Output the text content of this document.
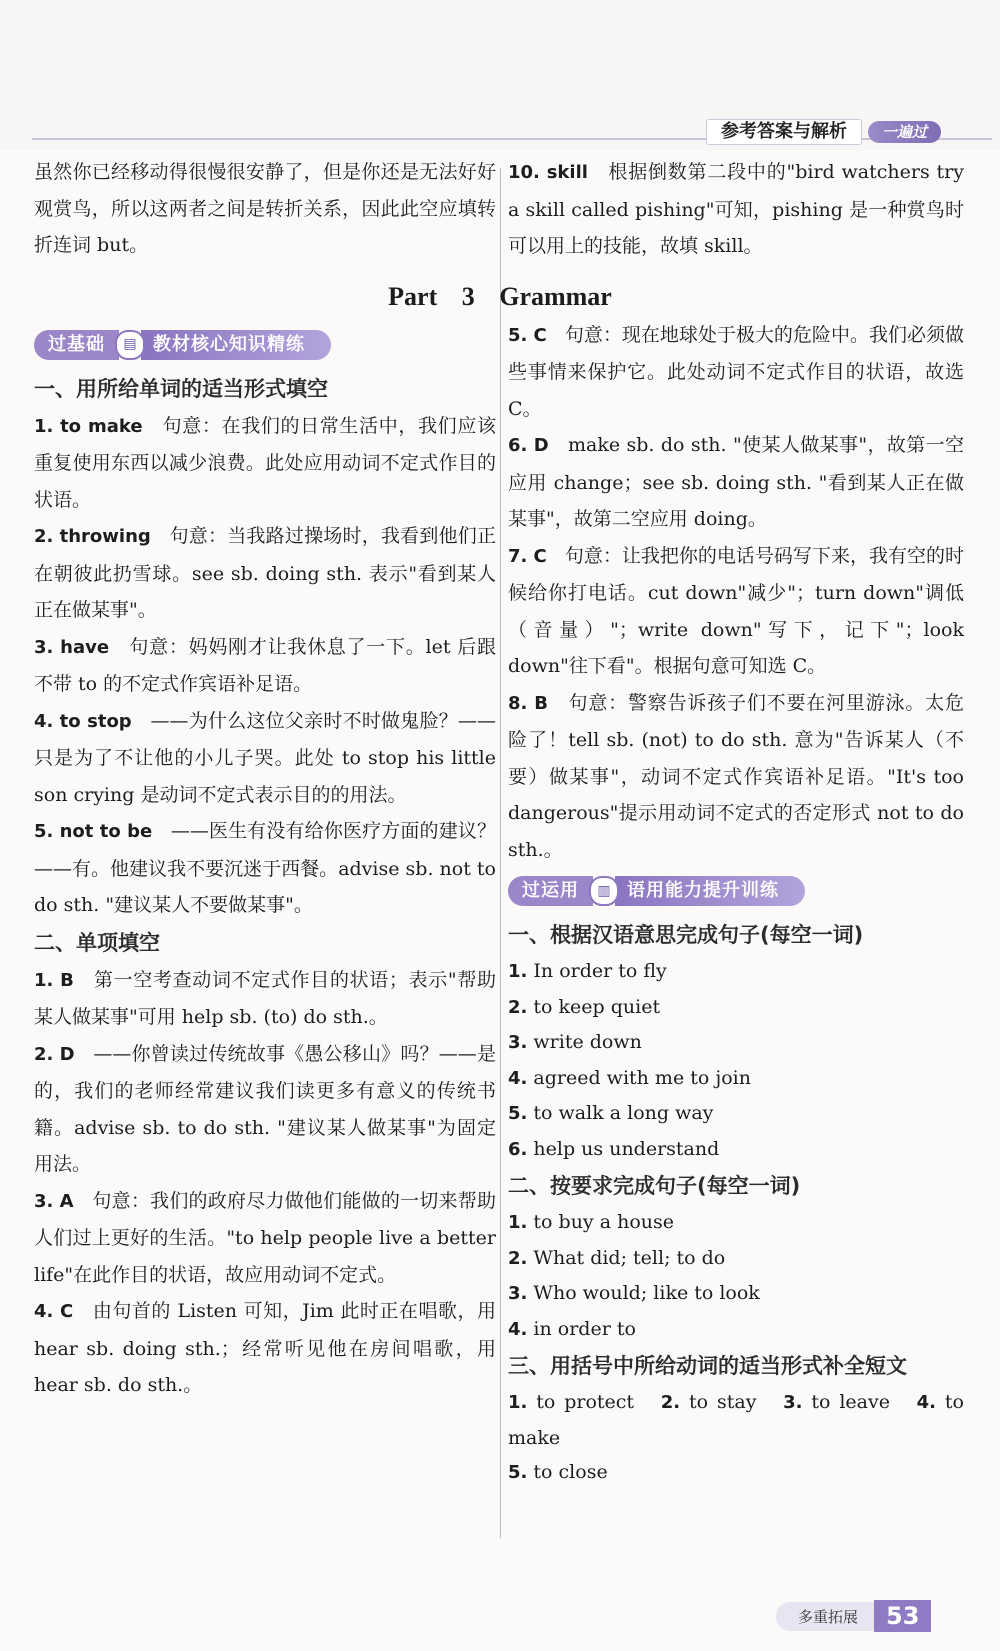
参考答案与解析	一遍过
Part 3 Grammar

虽然你已经移动得很慢很安静了，但是你还是无法好好观赏鸟，所以这两者之间是转折关系，因此此空应填转折连词 but。

过基础	▤ 教材核心知识精练

一、用所给单词的适当形式填空

1. to make 句意：在我们的日常生活中，我们应该重复使用东西以减少浪费。此处应用动词不定式作目的状语。

2. throwing 句意：当我路过操场时，我看到他们正在朝彼此扔雪球。see sb. doing sth. 表示"看到某人正在做某事"。

3. have 句意：妈妈刚才让我休息了一下。let 后跟不带 to 的不定式作宾语补足语。

4. to stop ——为什么这位父亲时不时做鬼脸？——只是为了不让他的小儿子哭。此处 to stop his little son crying 是动词不定式表示目的的用法。

5. not to be ——医生有没有给你医疗方面的建议？——有。他建议我不要沉迷于西餐。advise sb. not to do sth. "建议某人不要做某事"。

二、单项填空

1. B 第一空考查动词不定式作目的状语；表示"帮助某人做某事"可用 help sb. (to) do sth.。

2. D ——你曾读过传统故事《愚公移山》吗？——是的，我们的老师经常建议我们读更多有意义的传统书籍。advise sb. to do sth. "建议某人做某事"为固定用法。

3. A 句意：我们的政府尽力做他们能做的一切来帮助人们过上更好的生活。"to help people live a better life"在此作目的状语，故应用动词不定式。

4. C 由句首的 Listen 可知，Jim 此时正在唱歌，用 hear sb. doing sth.；经常听见他在房间唱歌，用 hear sb. do sth.。

10. skill 根据倒数第二段中的"bird watchers try a skill called pishing"可知，pishing 是一种赏鸟时可以用上的技能，故填 skill。

5. C 句意：现在地球处于极大的危险中。我们必须做些事情来保护它。此处动词不定式作目的状语，故选 C。

6. D make sb. do sth. "使某人做某事"，故第一空应用 change；see sb. doing sth. "看到某人正在做某事"，故第二空应用 doing。

7. C 句意：让我把你的电话号码写下来，我有空的时候给你打电话。cut down"减少"；turn down"调低（音量）"；write down"写下，记下"；look down"往下看"。根据句意可知选 C。

8. B 句意：警察告诉孩子们不要在河里游泳。太危险了！tell sb. (not) to do sth. 意为"告诉某人（不要）做某事"，动词不定式作宾语补足语。"It's too dangerous"提示用动词不定式的否定形式 not to do sth.。

过运用	▥ 语用能力提升训练

一、根据汉语意思完成句子(每空一词)

1. In order to fly

2. to keep quiet

3. write down

4. agreed with me to join

5. to walk a long way

6. help us understand

二、按要求完成句子(每空一词)

1. to buy a house

2. What did; tell; to do

3. Who would; like to look

4. in order to

三、用括号中所给动词的适当形式补全短文

1. to protect 2. to stay 3. to leave 4. to make

5. to close

多重拓展	53
